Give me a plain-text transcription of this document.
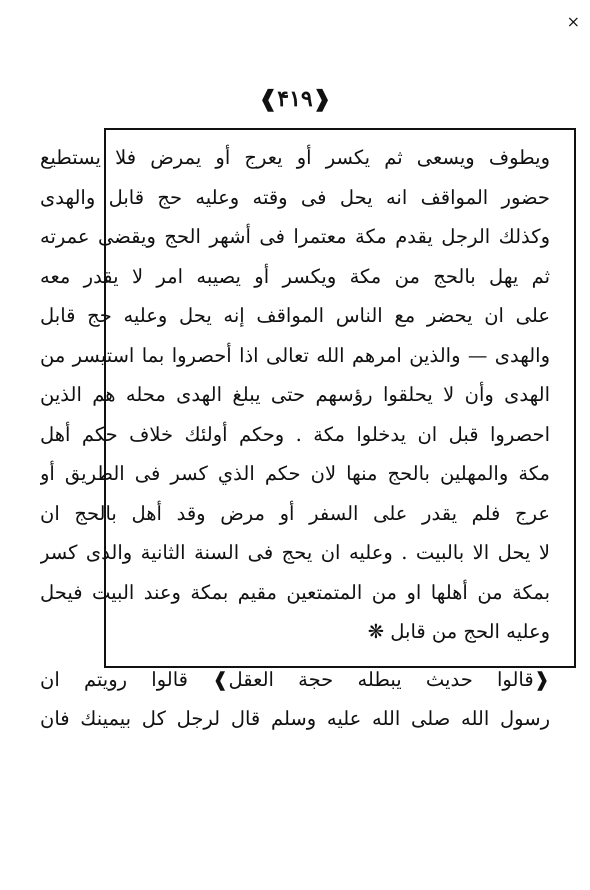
×
❰۴١٩❱
ويطوف ويسعى ثم يكسر أو يعرج أو يمرض فلا يستطيع
حضور المواقف انه يحل فى وقته وعليه حج قابل والهدى
وكذلك الرجل يقدم مكة معتمرا فى أشهر الحج ويقضى عمرته
ثم يهل بالحج من مكة ويكسر أو يصيبه امر لا يقدر معه
على ان يحضر مع الناس المواقف إنه يحل وعليه حج قابل
والهدى — والذين امرهم الله تعالى اذا أحصروا بما استيسر من
الهدى وأن لا يحلقوا رؤسهم حتى يبلغ الهدى محله هم الذين
احصروا قبل ان يدخلوا مكة . وحكم أولئك خلاف حكم أهل
مكة والمهلين بالحج منها لان حكم الذي كسر فى الطريق أو
عرج فلم يقدر على السفر أو مرض وقد أهل بالحج ان
لا يحل الا بالبيت . وعليه ان يحج فى السنة الثانية والذى كسر
بمكة من أهلها او من المتمتعين مقيم بمكة وعند البيت فيحل
وعليه الحج من قابل ❋
❰قالوا حديث يبطله حجة العقل❱ قالوا رويتم ان
رسول الله صلى الله عليه وسلم قال لرجل كل بيمينك فان
